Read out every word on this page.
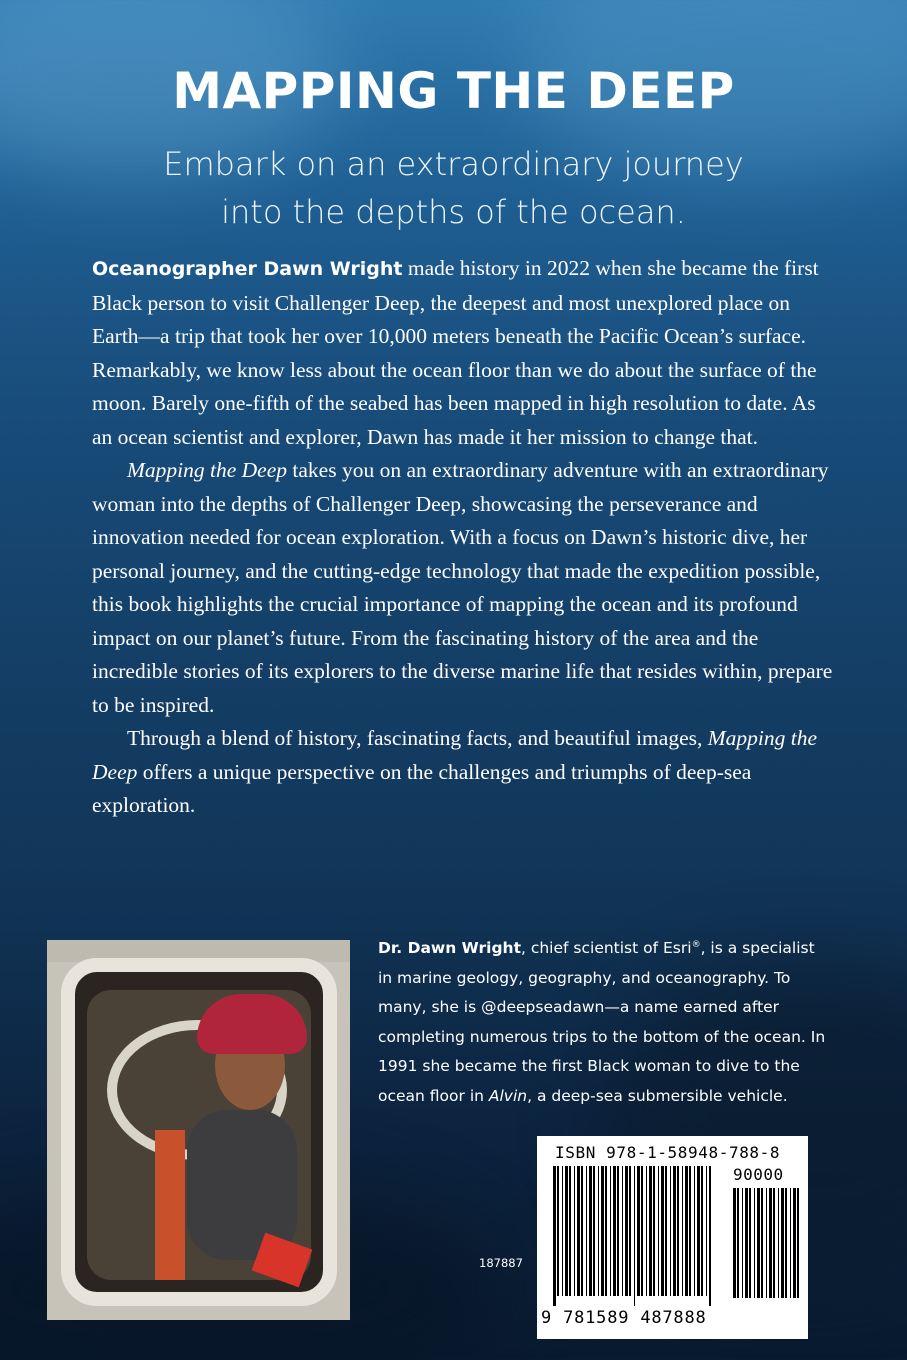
MAPPING THE DEEP
Embark on an extraordinary journey
into the depths of the ocean.

Oceanographer Dawn Wright made history in 2022 when she became the first Black person to visit Challenger Deep, the deepest and most unexplored place on Earth—a trip that took her over 10,000 meters beneath the Pacific Ocean’s surface. Remarkably, we know less about the ocean floor than we do about the surface of the moon. Barely one-fifth of the seabed has been mapped in high resolution to date. As an ocean scientist and explorer, Dawn has made it her mission to change that.

Mapping the Deep takes you on an extraordinary adventure with an extraordinary woman into the depths of Challenger Deep, showcasing the perseverance and innovation needed for ocean exploration. With a focus on Dawn’s historic dive, her personal journey, and the cutting-edge technology that made the expedition possible, this book highlights the crucial importance of mapping the ocean and its profound impact on our planet’s future. From the fascinating history of the area and the incredible stories of its explorers to the diverse marine life that resides within, prepare to be inspired.

Through a blend of history, fascinating facts, and beautiful images, Mapping the Deep offers a unique perspective on the challenges and triumphs of deep-sea exploration.

Dr. Dawn Wright, chief scientist of Esri®, is a specialist in marine geology, geography, and oceanography. To many, she is @deepseadawn—a name earned after completing numerous trips to the bottom of the ocean. In 1991 she became the first Black woman to dive to the ocean floor in Alvin, a deep-sea submersible vehicle.
187887
ISBN 978-1-58948-788-8
90000
9 781589 487888
